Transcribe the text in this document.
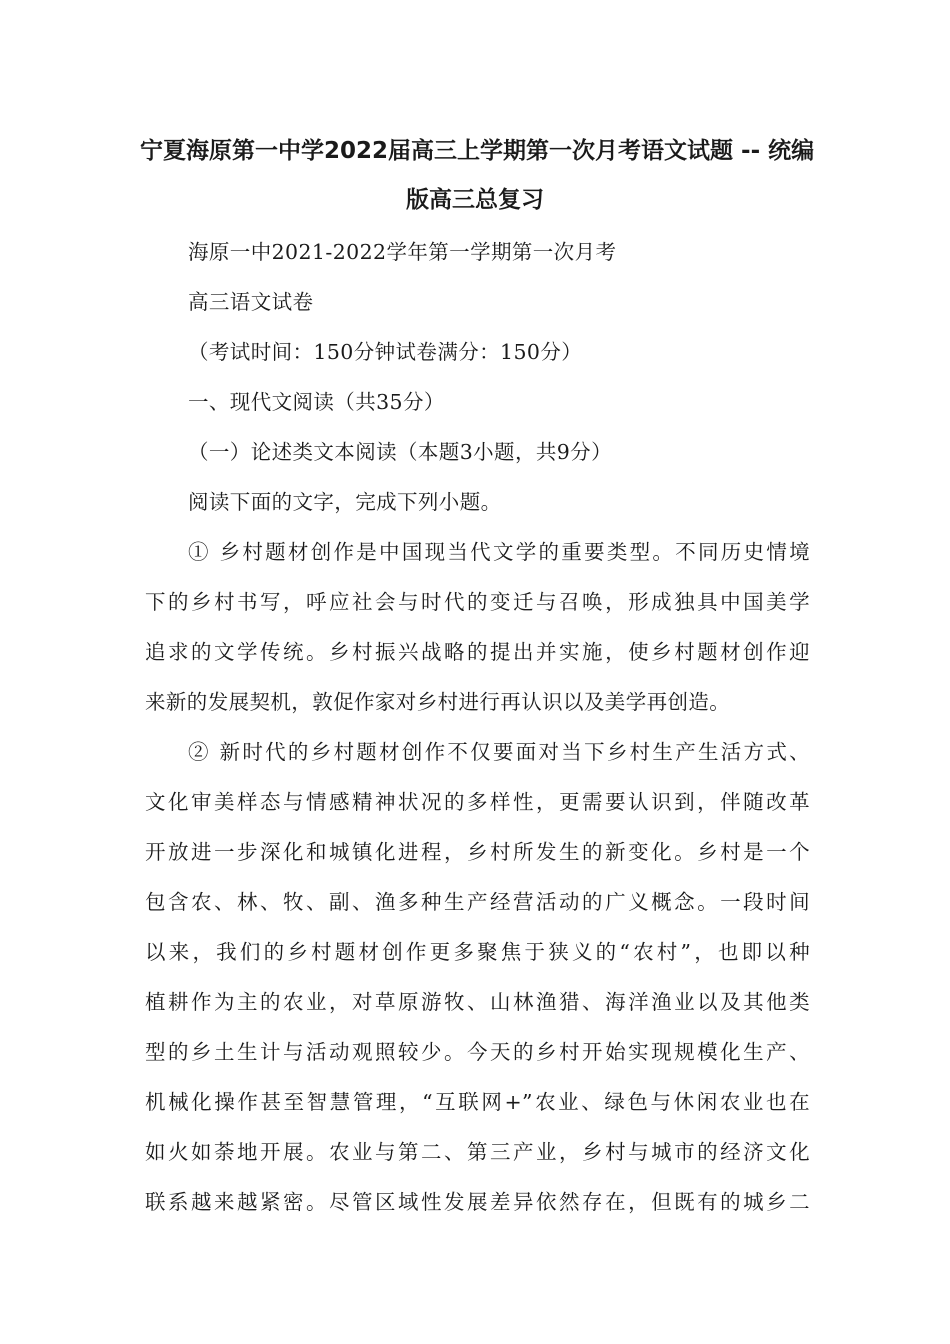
宁夏海原第一中学2022届高三上学期第一次月考语文试题 -- 统编
版高三总复习
海原一中2021-2022学年第一学期第一次月考
高三语文试卷
（考试时间：150分钟试卷满分：150分）
一、现代文阅读（共35分）
（一）论述类文本阅读（本题3小题，共9分）
阅读下面的文字，完成下列小题。
① 乡村题材创作是中国现当代文学的重要类型。不同历史情境
下的乡村书写，呼应社会与时代的变迁与召唤，形成独具中国美学
追求的文学传统。乡村振兴战略的提出并实施，使乡村题材创作迎
来新的发展契机，敦促作家对乡村进行再认识以及美学再创造。
② 新时代的乡村题材创作不仅要面对当下乡村生产生活方式、
文化审美样态与情感精神状况的多样性，更需要认识到，伴随改革
开放进一步深化和城镇化进程，乡村所发生的新变化。乡村是一个
包含农、林、牧、副、渔多种生产经营活动的广义概念。一段时间
以来，我们的乡村题材创作更多聚焦于狭义的“农村”，也即以种
植耕作为主的农业，对草原游牧、山林渔猎、海洋渔业以及其他类
型的乡土生计与活动观照较少。今天的乡村开始实现规模化生产、
机械化操作甚至智慧管理，“互联网+”农业、绿色与休闲农业也在
如火如荼地开展。农业与第二、第三产业，乡村与城市的经济文化
联系越来越紧密。尽管区域性发展差异依然存在，但既有的城乡二
